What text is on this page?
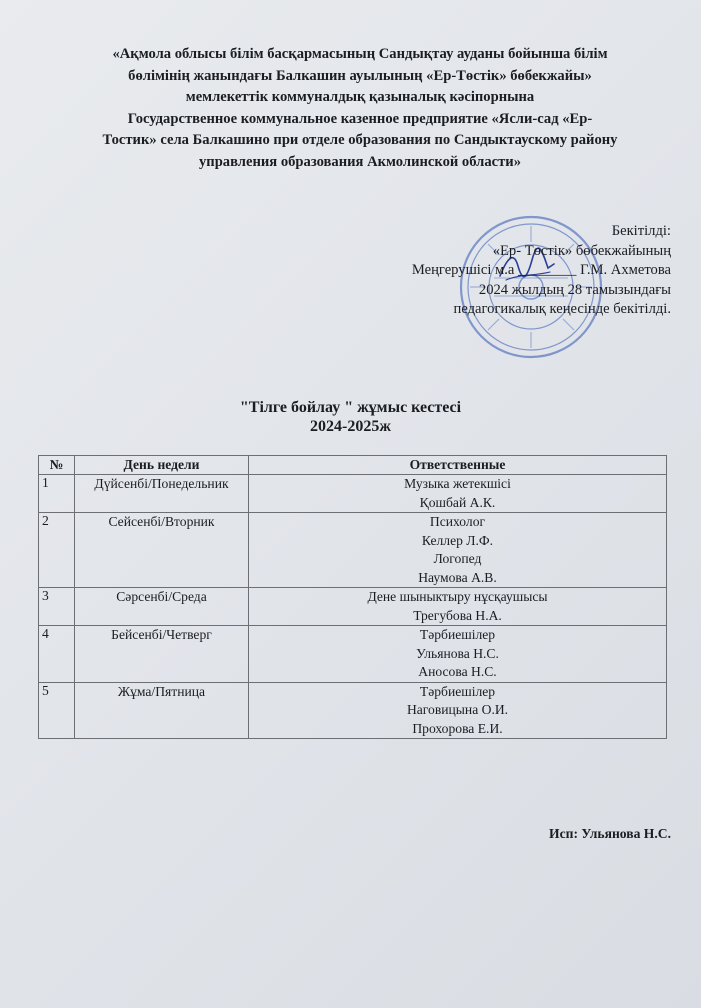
«Ақмола облысы білім басқармасының Сандықтау ауданы бойынша білім
бөлімінің жанындағы Балкашин ауылының «Ер-Төстік» бөбекжайы»
мемлекеттік коммуналдық қазыналық кәсіпорнына
Государственное коммунальное казенное предприятие «Ясли-сад «Ер-
Тостик» села Балкашино при отделе образования по Сандыктаускому району
управления образования Акмолинской области»
Бекітілді:
«Ер- Төстік» бөбекжайының
Меңгерушісі м.а ________ Г.М. Ахметова
2024 жылдың 28 тамызындағы
педагогикалық кеңесінде бекітілді.
"Тілге бойлау " жұмыс кестесі
2024-2025ж
№	День недели	Ответственные
1	Дүйсенбі/Понедельник	Музыка жетекшісі
Қошбай А.К.

2	Сейсенбі/Вторник	Психолог
Келлер Л.Ф.
Логопед
Наумова А.В.

3	Сәрсенбі/Среда	Дене шыныктыру нұсқаушысы
Трегубова Н.А.

4	Бейсенбі/Четверг	Тәрбиешілер
Ульянова Н.С.
Аносова Н.С.

5	Жұма/Пятница	Тәрбиешілер
Наговицына О.И.
Прохорова Е.И.
Исп: Ульянова Н.С.
